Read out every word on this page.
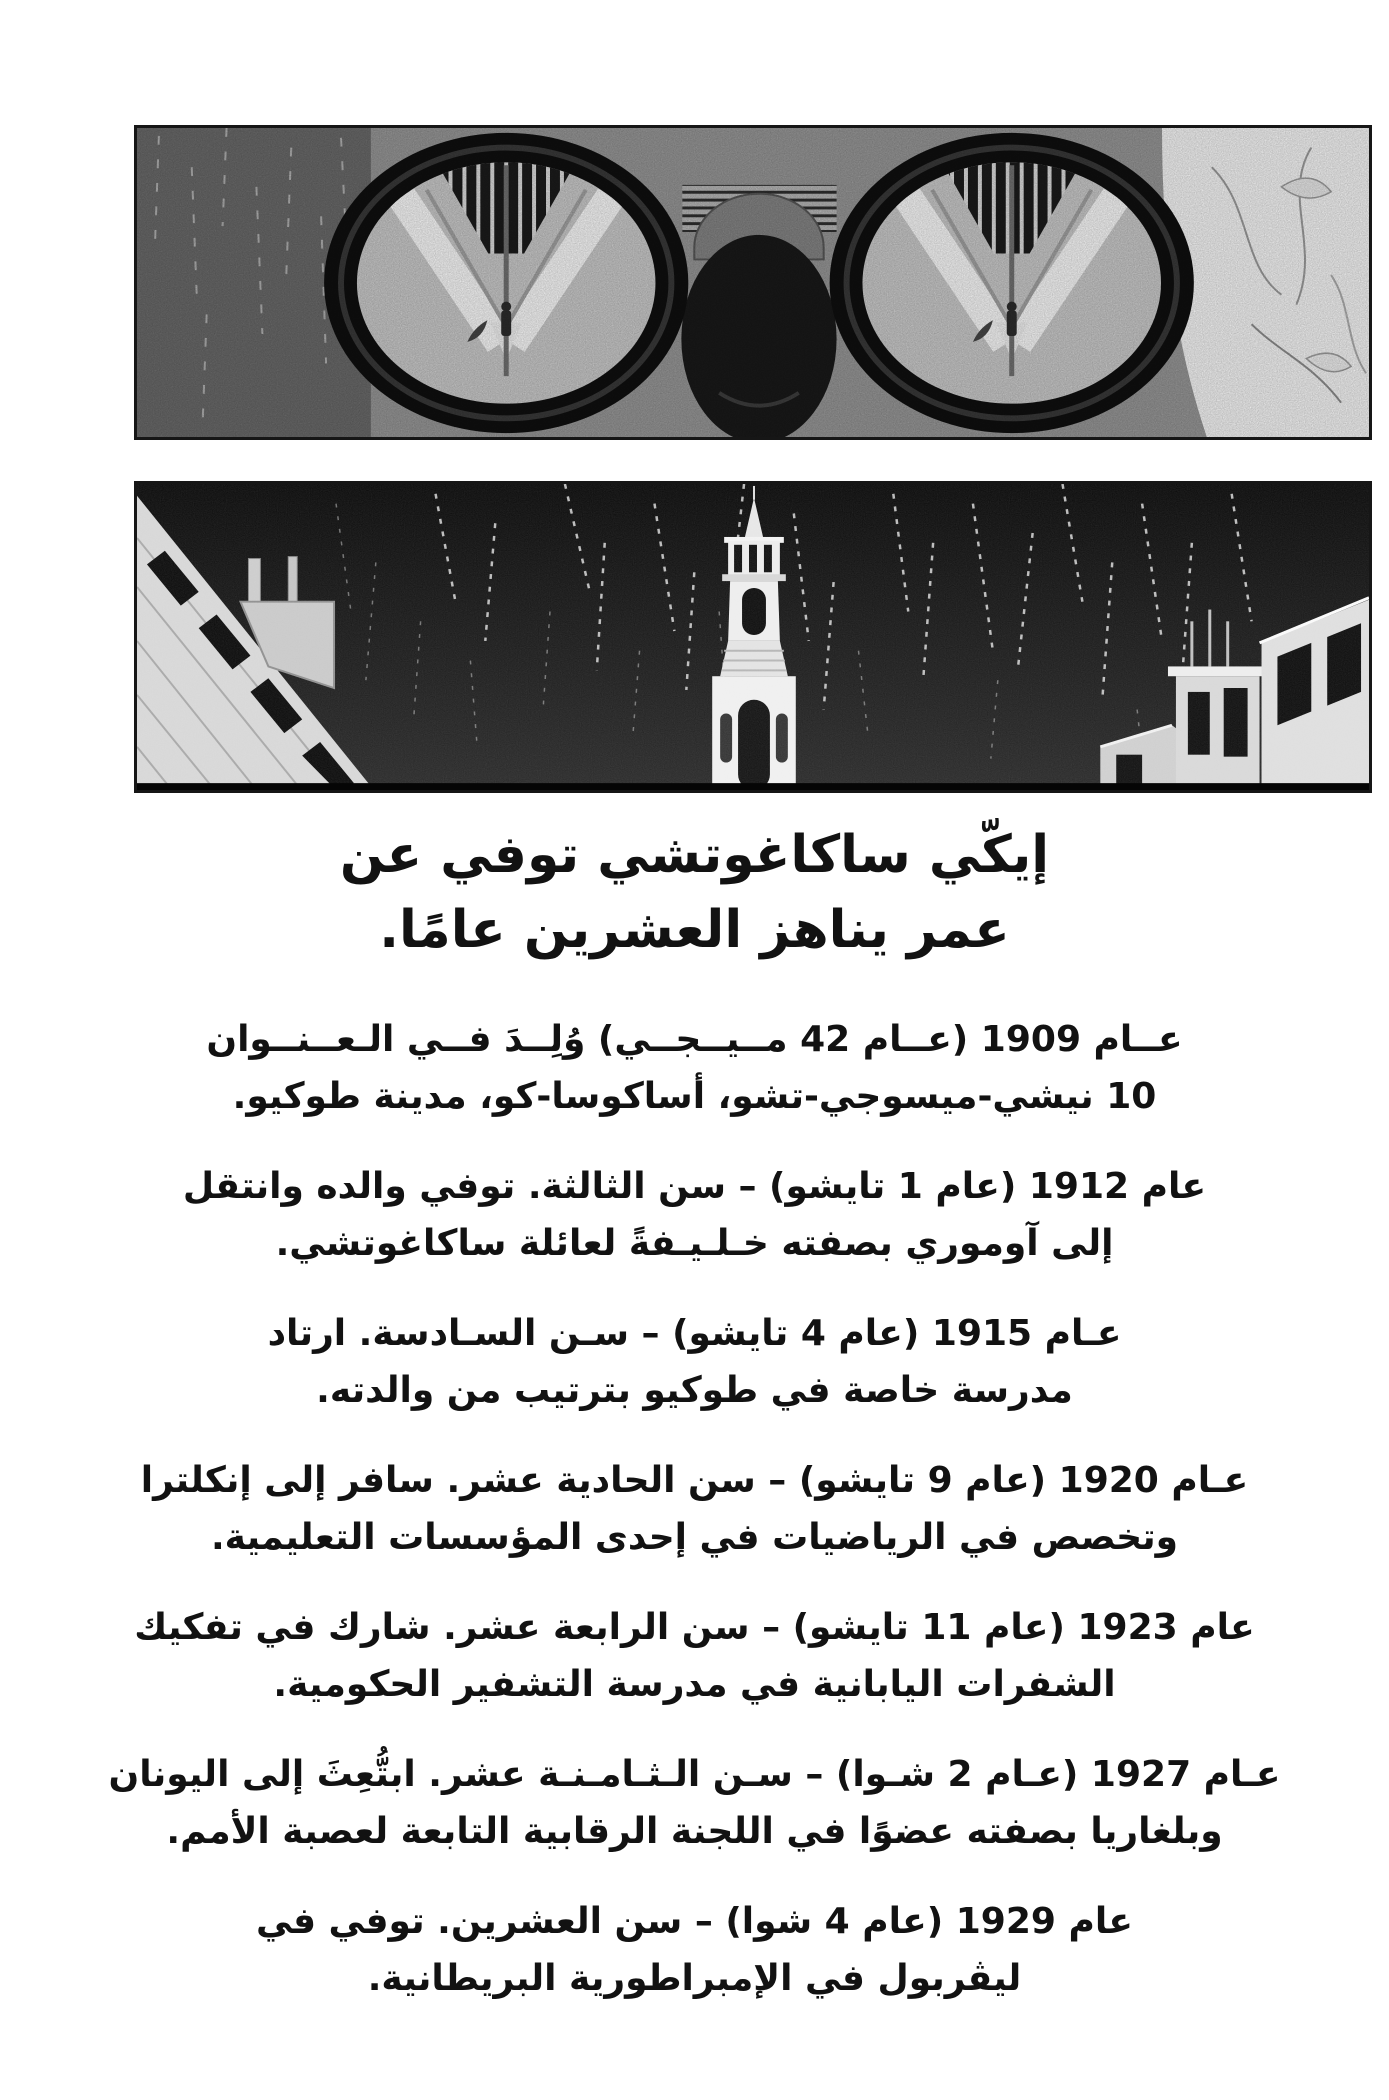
إيكّي ساكاغوتشي توفي عن
عمر يناهز العشرين عامًا.

عــام 1909 (عــام 42 مــيــجــي) وُلِــدَ فــي الـعــنــوان
10 نيشي-ميسوجي-تشو، أساكوسا-كو، مدينة طوكيو.

عام 1912 (عام 1 تايشو) – سن الثالثة. توفي والده وانتقل
إلى آوموري بصفته خـلـيـفةً لعائلة ساكاغوتشي.

عـام 1915 (عام 4 تايشو) – سـن السـادسة. ارتاد
مدرسة خاصة في طوكيو بترتيب من والدته.

عـام 1920 (عام 9 تايشو) – سن الحادية عشر. سافر إلى إنكلترا
وتخصص في الرياضيات في إحدى المؤسسات التعليمية.

عام 1923 (عام 11 تايشو) – سن الرابعة عشر. شارك في تفكيك
الشفرات اليابانية في مدرسة التشفير الحكومية.

عـام 1927 (عـام 2 شـوا) – سـن الـثـامـنـة عشر. ابتُّعِثَ إلى اليونان
وبلغاريا بصفته عضوًا في اللجنة الرقابية التابعة لعصبة الأمم.

عام 1929 (عام 4 شوا) – سن العشرين. توفي في
ليڤربول في الإمبراطورية البريطانية.
